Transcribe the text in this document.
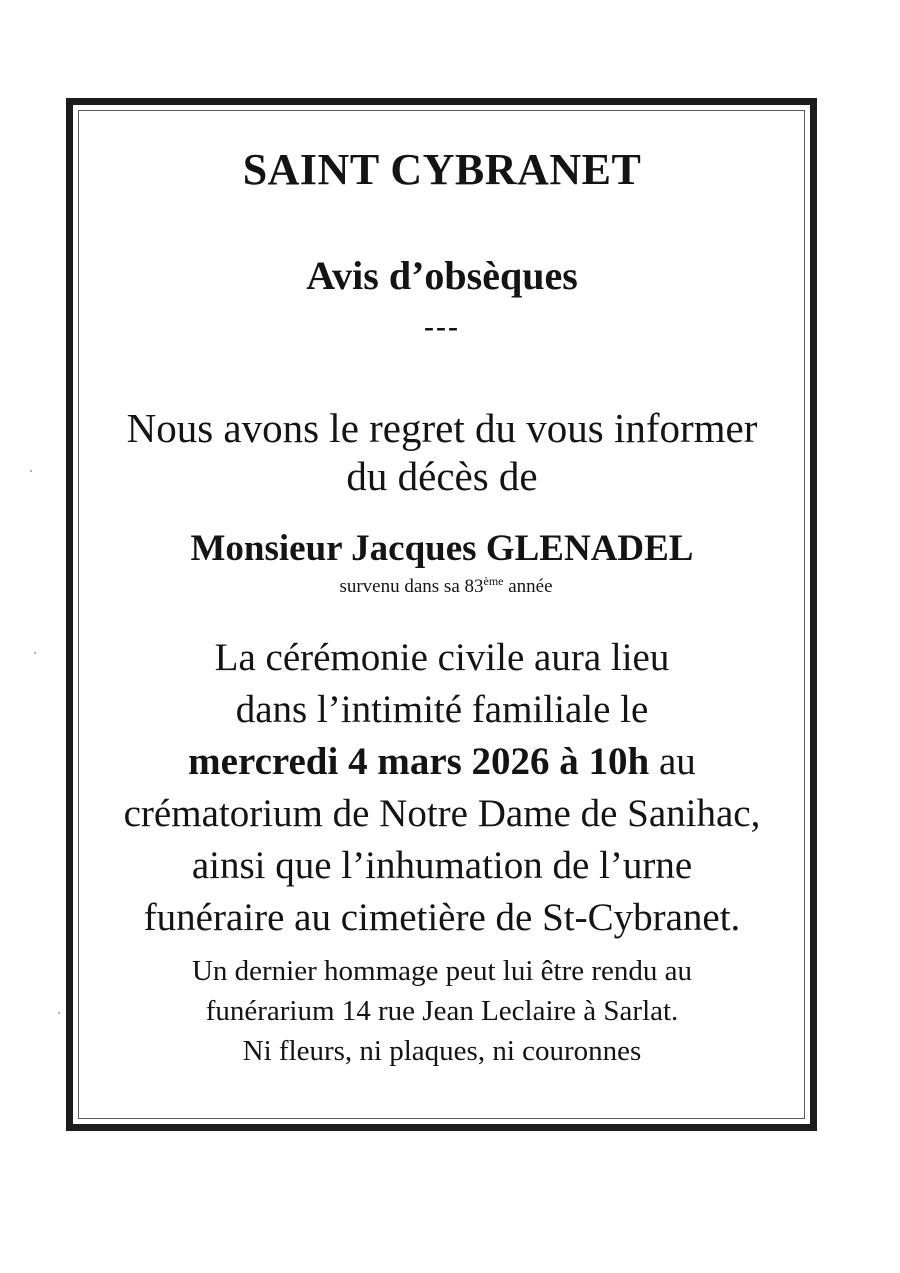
SAINT CYBRANET
Avis d’obsèques
---
Nous avons le regret du vous informer
du décès de
Monsieur Jacques GLENADEL
survenu dans sa 83ème année
La cérémonie civile aura lieu
dans l’intimité familiale le
mercredi 4 mars 2026 à 10h au
crématorium de Notre Dame de Sanihac,
ainsi que l’inhumation de l’urne
funéraire au cimetière de St-Cybranet.
Un dernier hommage peut lui être rendu au
funérarium 14 rue Jean Leclaire à Sarlat.
Ni fleurs, ni plaques, ni couronnes
